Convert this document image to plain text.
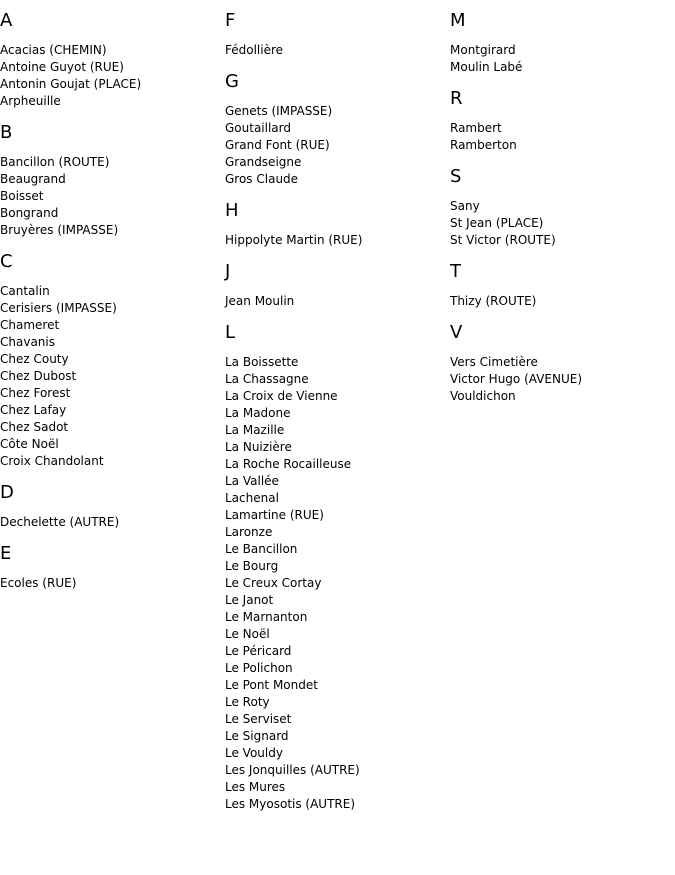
A
Acacias (CHEMIN)
Antoine Guyot (RUE)
Antonin Goujat (PLACE)
Arpheuille
B
Bancillon (ROUTE)
Beaugrand
Boisset
Bongrand
Bruyères (IMPASSE)
C
Cantalin
Cerisiers (IMPASSE)
Chameret
Chavanis
Chez Couty
Chez Dubost
Chez Forest
Chez Lafay
Chez Sadot
Côte Noël
Croix Chandolant
D
Dechelette (AUTRE)
E
Ecoles (RUE)
F
Fédollière
G
Genets (IMPASSE)
Goutaillard
Grand Font (RUE)
Grandseigne
Gros Claude
H
Hippolyte Martin (RUE)
J
Jean Moulin
L
La Boissette
La Chassagne
La Croix de Vienne
La Madone
La Mazille
La Nuizière
La Roche Rocailleuse
La Vallée
Lachenal
Lamartine (RUE)
Laronze
Le Bancillon
Le Bourg
Le Creux Cortay
Le Janot
Le Marnanton
Le Noël
Le Péricard
Le Polichon
Le Pont Mondet
Le Roty
Le Serviset
Le Signard
Le Vouldy
Les Jonquilles (AUTRE)
Les Mures
Les Myosotis (AUTRE)
M
Montgirard
Moulin Labé
R
Rambert
Ramberton
S
Sany
St Jean (PLACE)
St Victor (ROUTE)
T
Thizy (ROUTE)
V
Vers Cimetière
Victor Hugo (AVENUE)
Vouldichon
